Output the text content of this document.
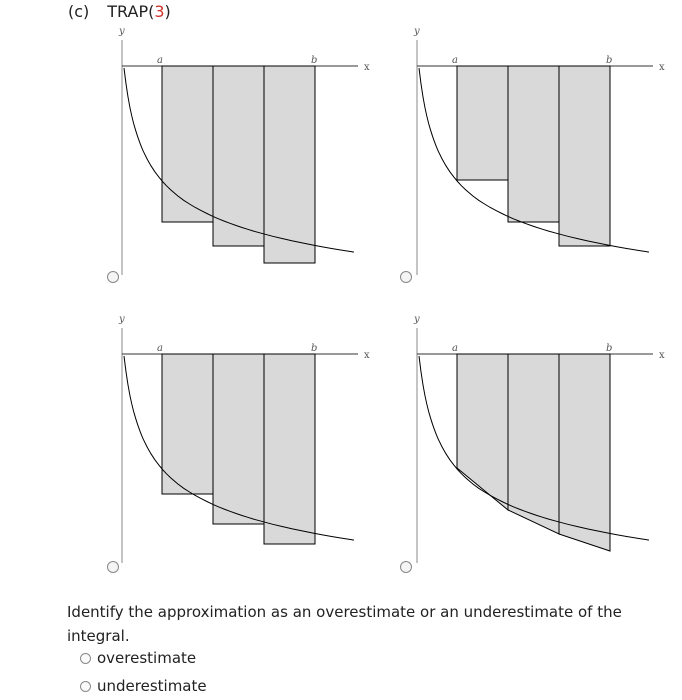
(c) TRAP(3)
y
a	b
x
y
a	b
x
y
a	b
x
y
a	b
x
Identify the approximation as an overestimate or an underestimate of the integral.
overestimate
underestimate
